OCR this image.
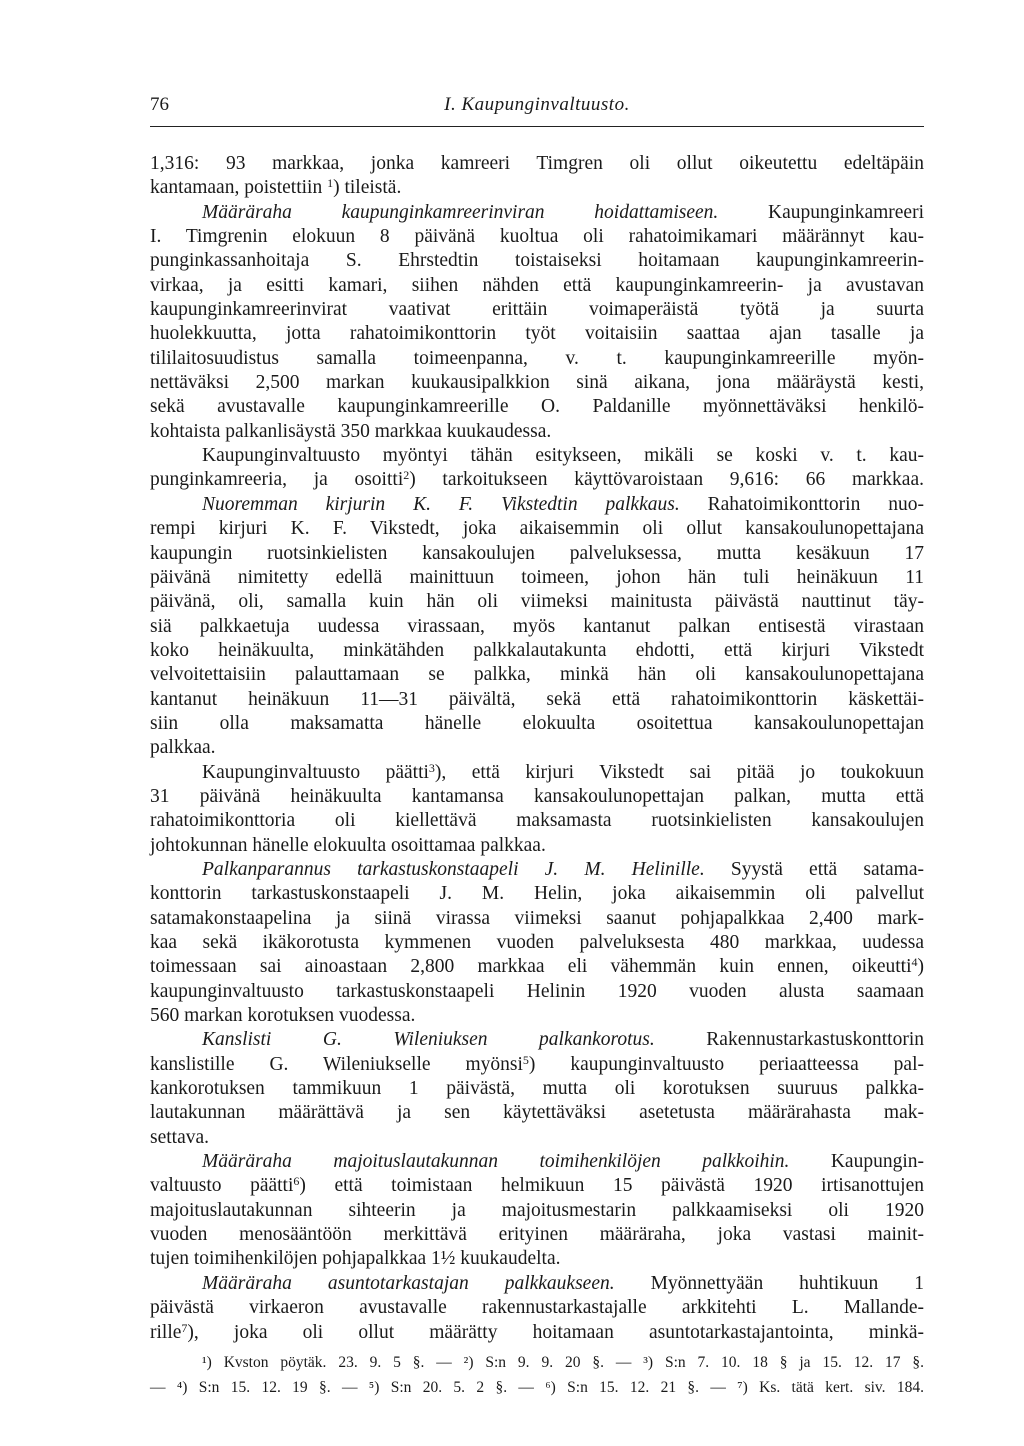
76	I. Kaupunginvaltuusto.
1,316: 93 markkaa, jonka kamreeri Timgren oli ollut oikeutettu edeltäpäin
kantamaan, poistettiin $^1$) tileistä.
Määräraha kaupunginkamreerinviran hoidattamiseen. Kaupunginkamreeri
I. Timgrenin elokuun 8 päivänä kuoltua oli rahatoimikamari määrännyt kau-
punginkassanhoitaja S. Ehrstedtin toistaiseksi hoitamaan kaupunginkamreerin-
virkaa, ja esitti kamari, siihen nähden että kaupunginkamreerin- ja avustavan
kaupunginkamreerinvirat vaativat erittäin voimaperäistä työtä ja suurta
huolekkuutta, jotta rahatoimikonttorin työt voitaisiin saattaa ajan tasalle ja
tililaitosuudistus samalla toimeenpanna, v. t. kaupunginkamreerille myön-
nettäväksi 2,500 markan kuukausipalkkion sinä aikana, jona määräystä kesti,
sekä avustavalle kaupunginkamreerille O. Paldanille myönnettäväksi henkilö-
kohtaista palkanlisäystä 350 markkaa kuukaudessa.
Kaupunginvaltuusto myöntyi tähän esitykseen, mikäli se koski v. t. kau-
punginkamreeria, ja osoitti$^2$) tarkoitukseen käyttövaroistaan 9,616: 66 markkaa.
Nuoremman kirjurin K. F. Vikstedtin palkkaus. Rahatoimikonttorin nuo-
rempi kirjuri K. F. Vikstedt, joka aikaisemmin oli ollut kansakoulunopettajana
kaupungin ruotsinkielisten kansakoulujen palveluksessa, mutta kesäkuun 17
päivänä nimitetty edellä mainittuun toimeen, johon hän tuli heinäkuun 11
päivänä, oli, samalla kuin hän oli viimeksi mainitusta päivästä nauttinut täy-
siä palkkaetuja uudessa virassaan, myös kantanut palkan entisestä virastaan
koko heinäkuulta, minkätähden palkkalautakunta ehdotti, että kirjuri Vikstedt
velvoitettaisiin palauttamaan se palkka, minkä hän oli kansakoulunopettajana
kantanut heinäkuun 11—31 päivältä, sekä että rahatoimikonttorin käskettäi-
siin olla maksamatta hänelle elokuulta osoitettua kansakoulunopettajan
palkkaa.
Kaupunginvaltuusto päätti$^3$), että kirjuri Vikstedt sai pitää jo toukokuun
31 päivänä heinäkuulta kantamansa kansakoulunopettajan palkan, mutta että
rahatoimikonttoria oli kiellettävä maksamasta ruotsinkielisten kansakoulujen
johtokunnan hänelle elokuulta osoittamaa palkkaa.
Palkanparannus tarkastuskonstaapeli J. M. Helinille. Syystä että satama-
konttorin tarkastuskonstaapeli J. M. Helin, joka aikaisemmin oli palvellut
satamakonstaapelina ja siinä virassa viimeksi saanut pohjapalkkaa 2,400 mark-
kaa sekä ikäkorotusta kymmenen vuoden palveluksesta 480 markkaa, uudessa
toimessaan sai ainoastaan 2,800 markkaa eli vähemmän kuin ennen, oikeutti$^4$)
kaupunginvaltuusto tarkastuskonstaapeli Helinin 1920 vuoden alusta saamaan
560 markan korotuksen vuodessa.
Kanslisti G. Wileniuksen palkankorotus. Rakennustarkastuskonttorin
kanslistille G. Wileniukselle myönsi$^5$) kaupunginvaltuusto periaatteessa pal-
kankorotuksen tammikuun 1 päivästä, mutta oli korotuksen suuruus palkka-
lautakunnan määrättävä ja sen käytettäväksi asetetusta määrärahasta mak-
settava.
Määräraha majoituslautakunnan toimihenkilöjen palkkoihin. Kaupungin-
valtuusto päätti$^6$) että toimistaan helmikuun 15 päivästä 1920 irtisanottujen
majoituslautakunnan sihteerin ja majoitusmestarin palkkaamiseksi oli 1920
vuoden menosääntöön merkittävä erityinen määräraha, joka vastasi mainit-
tujen toimihenkilöjen pohjapalkkaa 1½ kuukaudelta.
Määräraha asuntotarkastajan palkkaukseen. Myönnettyään huhtikuun 1
päivästä virkaeron avustavalle rakennustarkastajalle arkkitehti L. Mallande-
rille$^7$), joka oli ollut määrätty hoitamaan asuntotarkastajantointa, minkä-
¹) Kvston pöytäk. 23. 9. 5 §. — ²) S:n 9. 9. 20 §. — ³) S:n 7. 10. 18 § ja 15. 12. 17 §.
— ⁴) S:n 15. 12. 19 §. — ⁵) S:n 20. 5. 2 §. — ⁶) S:n 15. 12. 21 §. — ⁷) Ks. tätä kert. siv. 184.
